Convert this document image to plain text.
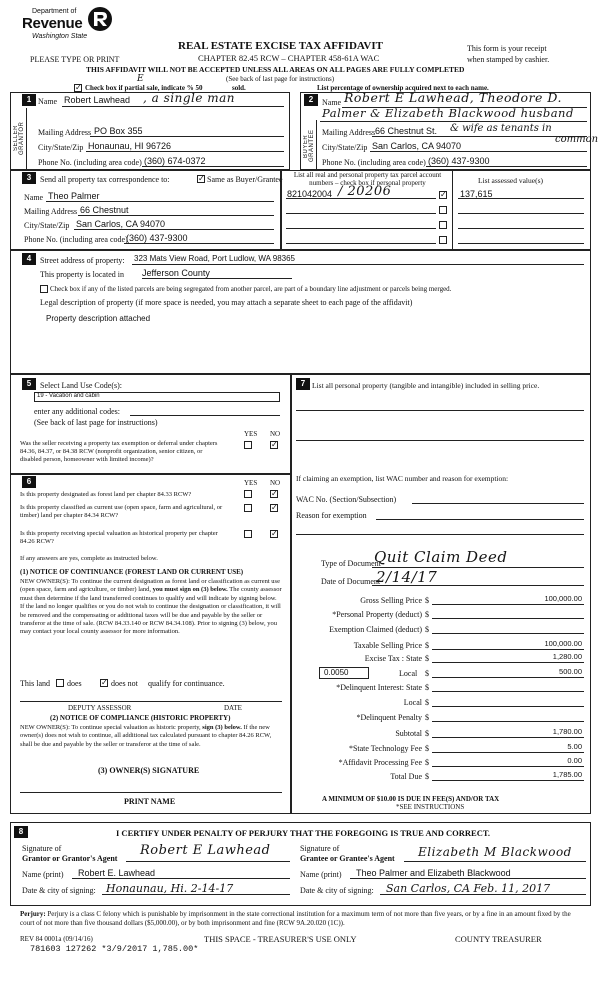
Department of
Revenue
Washington State
REAL ESTATE EXCISE TAX AFFIDAVIT
CHAPTER 82.45 RCW – CHAPTER 458-61A WAC
PLEASE TYPE OR PRINT
This form is your receipt
when stamped by cashier.
THIS AFFIDAVIT WILL NOT BE ACCEPTED UNLESS ALL AREAS ON ALL PAGES ARE FULLY COMPLETED
(See back of last page for instructions)
✓ Check box if partial sale, indicate % 50
E
sold.	List percentage of ownership acquired next to each name.
1
SELLER GRANTOR
Name Robert Lawhead , a single man
Mailing Address PO Box 355
City/State/Zip Honaunau, HI 96726
Phone No. (including area code) (360) 674-0372
2
BUYER GRANTEE
Name Robert E Lawhead, Theodore D.
Palmer & Elizabeth Blackwood husband
Mailing Address 66 Chestnut St. & wife as tenants in
common
City/State/Zip San Carlos, CA 94070
Phone No. (including area code) (360) 437-9300
3	Send all property tax correspondence to:	✓ Same as Buyer/Grantee
Name Theo Palmer
Mailing Address 66 Chestnut
City/State/Zip San Carlos, CA 94070
Phone No. (including area code)
(360) 437-9300
List all real and personal property tax parcel account numbers – check box if personal property	List assessed value(s)
821042004 / 20206	✓ 137,615
4	Street address of property: 323 Mats View Road, Port Ludlow, WA 98365
This property is located in Jefferson County
Check box if any of the listed parcels are being segregated from another parcel, are part of a boundary line adjustment or parcels being merged.
Legal description of property (if more space is needed, you may attach a separate sheet to each page of the affidavit)
Property description attached
5	Select Land Use Code(s):
19 - Vacation and cabin
enter any additional codes:
(See back of last page for instructions)
YES NO
Was the seller receiving a property tax exemption or deferral under chapters 84.36, 84.37, or 84.38 RCW (nonprofit organization, senior citizen, or disabled person, homeowner with limited income)?
✓
6	YES NO
Is this property designated as forest land per chapter 84.33 RCW?	✓
Is this property classified as current use (open space, farm and agricultural, or timber) land per chapter 84.34 RCW?
✓
Is this property receiving special valuation as historical property per chapter 84.26 RCW?
✓
If any answers are yes, complete as instructed below.
(1) NOTICE OF CONTINUANCE (FOREST LAND OR CURRENT USE)
NEW OWNER(S): To continue the current designation as forest land or classification as current use (open space, farm and agriculture, or timber) land, you must sign on (3) below. The county assessor must then determine if the land transferred continues to qualify and will indicate by signing below. If the land no longer qualifies or you do not wish to continue the designation or classification, it will be removed and the compensating or additional taxes will be due and payable by the seller or transferor at the time of sale. (RCW 84.33.140 or RCW 84.34.108). Prior to signing (3) below, you may contact your local county assessor for more information.
This land does ✓ does not qualify for continuance.
DEPUTY ASSESSOR	DATE
(2) NOTICE OF COMPLIANCE (HISTORIC PROPERTY)
NEW OWNER(S): To continue special valuation as historic property, sign (3) below. If the new owner(s) does not wish to continue, all additional tax calculated pursuant to chapter 84.26 RCW, shall be due and payable by the seller or transferor at the time of sale.
(3) OWNER(S) SIGNATURE
PRINT NAME
7 List all personal property (tangible and intangible) included in selling price.
If claiming an exemption, list WAC number and reason for exemption:
WAC No. (Section/Subsection)
Reason for exemption
Type of Document
Quit Claim Deed
Date of Document
2/14/17
Gross Selling Price $	100,000.00
*Personal Property (deduct) $
Exemption Claimed (deduct) $
Taxable Selling Price $	100,000.00
Excise Tax : State $	1,280.00
0.0050	Local $	500.00
*Delinquent Interest: State $
Local $
*Delinquent Penalty $
Subtotal $	1,780.00
*State Technology Fee $	5.00
*Affidavit Processing Fee $	0.00
Total Due $	1,785.00
A MINIMUM OF $10.00 IS DUE IN FEE(S) AND/OR TAX
*SEE INSTRUCTIONS
8	I CERTIFY UNDER PENALTY OF PERJURY THAT THE FOREGOING IS TRUE AND CORRECT.
Signature of
Grantor or Grantor's Agent
Robert E Lawhead	Signature of
Grantee or Grantee's Agent Elizabeth M Blackwood
Name (print) Robert E. Lawhead	Name (print) Theo Palmer and Elizabeth Blackwood
Date & city of signing: Honaunau, Hi. 2-14-17	Date & city of signing: San Carlos, CA Feb. 11, 2017
Perjury: Perjury is a class C felony which is punishable by imprisonment in the state correctional institution for a maximum term of not more than five years, or by a fine in an amount fixed by the court of not more than five thousand dollars ($5,000.00), or by both imprisonment and fine (RCW 9A.20.020 (1C)).
REV 84 0001a (09/14/16)	THIS SPACE - TREASURER'S USE ONLY	COUNTY TREASURER
781603 127262 *3/9/2017 1,785.00*
